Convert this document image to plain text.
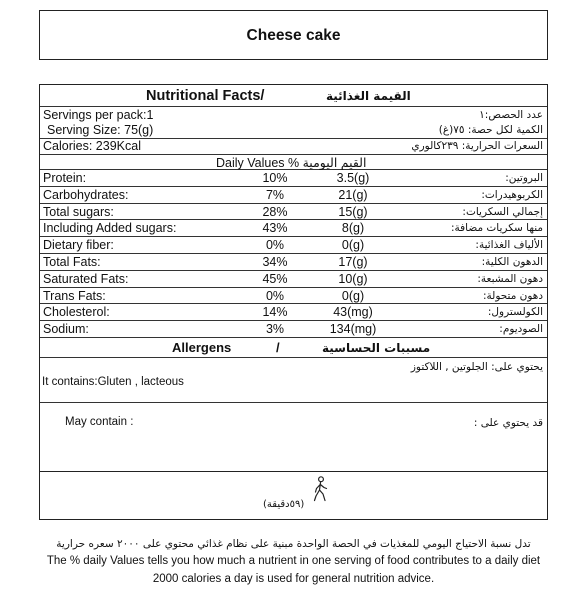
Cheese cake
Nutritional Facts/	القيمة الغذائية
Servings per pack:1	عدد الحصص:١
Serving Size: 75(g)	الكمية لكل حصة: ٧٥(غ)
Calories: 239Kcal	السعرات الحرارية: ٢٣٩كالوري
Daily Values % القيم اليومية
Protein:	10%	3.5(g)	البروتين:
Carbohydrates:	7%	21(g)	الكربوهيدرات:
Total sugars:	28%	15(g)	إجمالي السكريات:
Including Added sugars:	43%	8(g)	منها سكريات مضافة:
Dietary fiber:	0%	0(g)	الألياف الغذائية:
Total Fats:	34%	17(g)	الدهون الكلية:
Saturated Fats:	45%	10(g)	دهون المشبعة:
Trans Fats:	0%	0(g)	دهون متحولة:
Cholesterol:	14%	43(mg)	الكولسترول:
Sodium:	3%	134(mg)	الصوديوم:
Allergens	/	مسببات الحساسية
It contains:Gluten , lacteous
يحتوي على: الجلوتين , اللاكتوز
May contain :	قد يحتوي على :
(٥٩دقيقة)
تدل نسبة الاحتياج اليومي للمغذيات في الحصة الواحدة مبنية على نظام غذائي محتوي على ٢٠٠٠ سعره حرارية
The % daily Values tells you how much a nutrient in one serving of food contributes to a daily diet
2000 calories a day is used for general nutrition advice.
